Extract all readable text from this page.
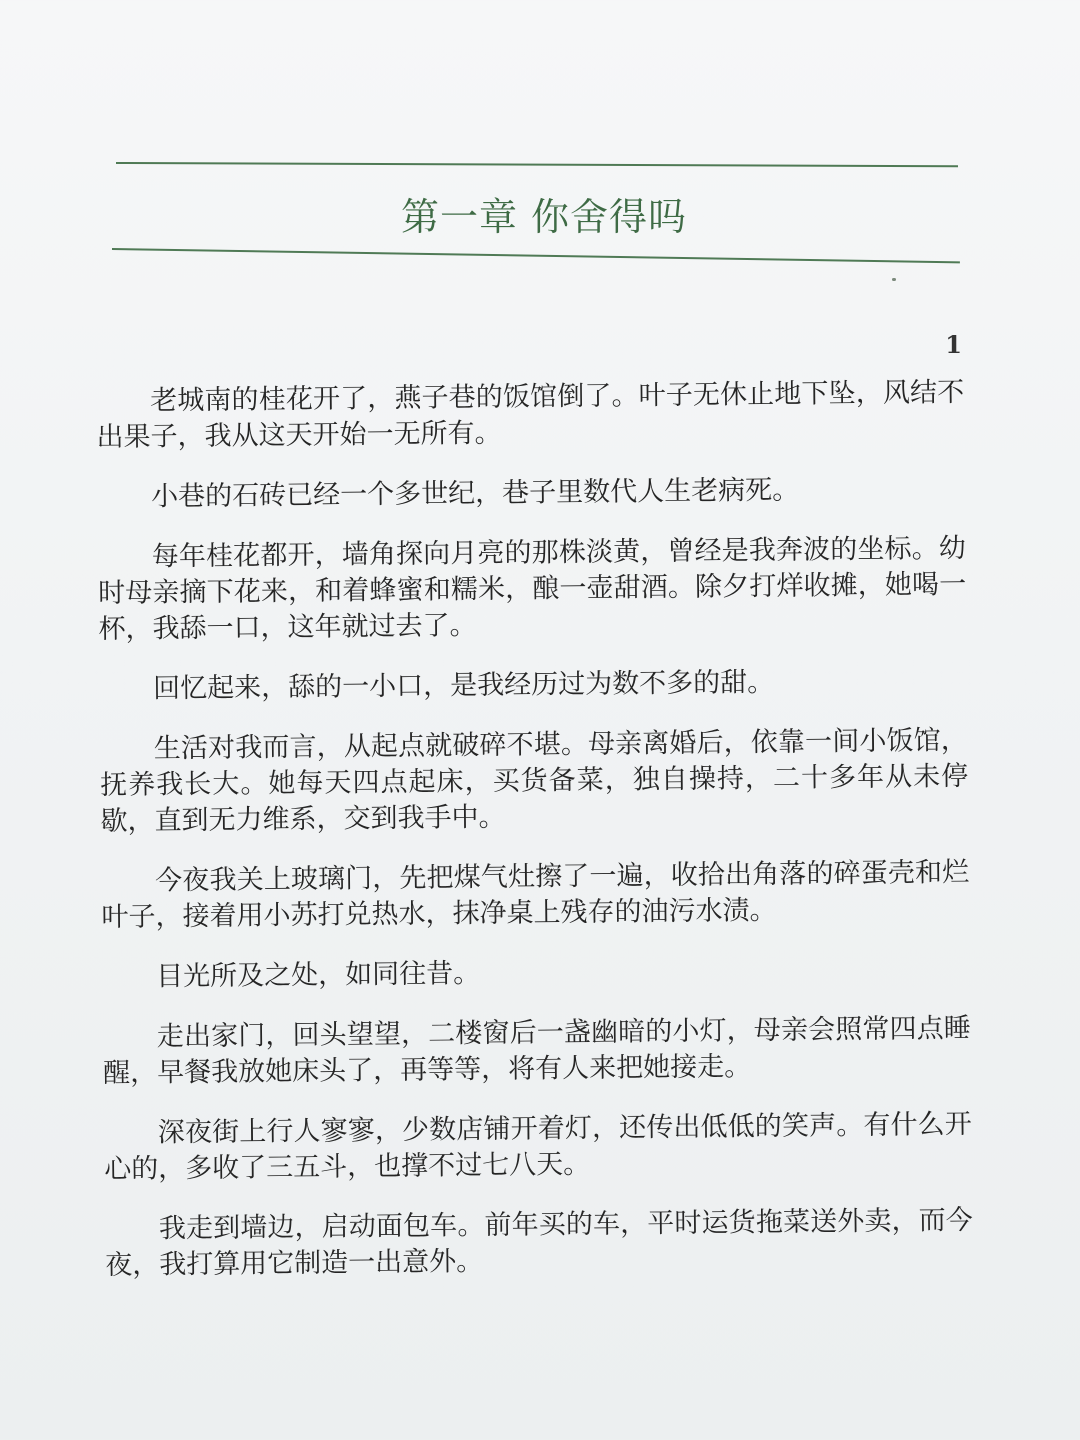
第一章 你舍得吗
1

老城南的桂花开了，燕子巷的饭馆倒了。叶子无休止地下坠，风结不出果子，我从这天开始一无所有。

小巷的石砖已经一个多世纪，巷子里数代人生老病死。

每年桂花都开，墙角探向月亮的那株淡黄，曾经是我奔波的坐标。幼时母亲摘下花来，和着蜂蜜和糯米，酿一壶甜酒。除夕打烊收摊，她喝一杯，我舔一口，这年就过去了。

回忆起来，舔的一小口，是我经历过为数不多的甜。

生活对我而言，从起点就破碎不堪。母亲离婚后，依靠一间小饭馆，抚养我长大。她每天四点起床，买货备菜，独自操持，二十多年从未停歇，直到无力维系，交到我手中。

今夜我关上玻璃门，先把煤气灶擦了一遍，收拾出角落的碎蛋壳和烂叶子，接着用小苏打兑热水，抹净桌上残存的油污水渍。

目光所及之处，如同往昔。

走出家门，回头望望，二楼窗后一盏幽暗的小灯，母亲会照常四点睡醒，早餐我放她床头了，再等等，将有人来把她接走。

深夜街上行人寥寥，少数店铺开着灯，还传出低低的笑声。有什么开心的，多收了三五斗，也撑不过七八天。

我走到墙边，启动面包车。前年买的车，平时运货拖菜送外卖，而今夜，我打算用它制造一出意外。
